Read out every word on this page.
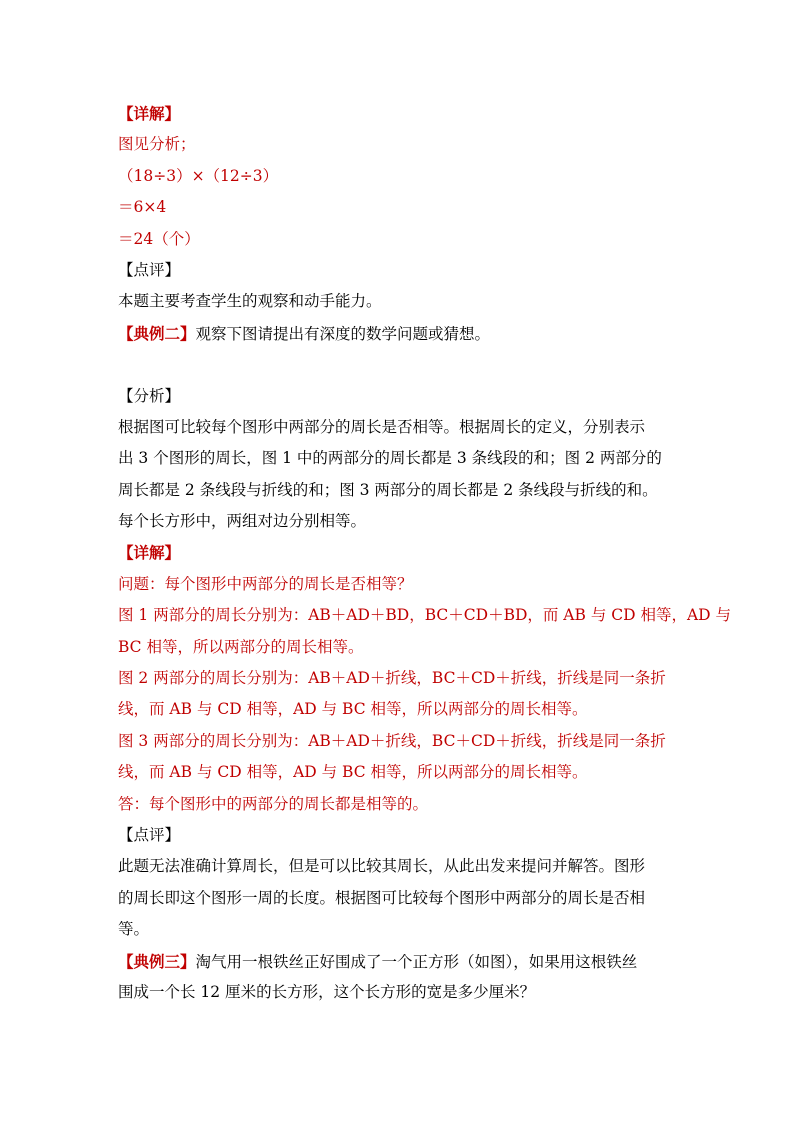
【详解】
图见分析；
（18÷3）×（12÷3）
＝6×4
＝24（个）
【点评】
本题主要考查学生的观察和动手能力。
【典例二】观察下图请提出有深度的数学问题或猜想。
【分析】
根据图可比较每个图形中两部分的周长是否相等。根据周长的定义，分别表示
出 3 个图形的周长，图 1 中的两部分的周长都是 3 条线段的和；图 2 两部分的
周长都是 2 条线段与折线的和；图 3 两部分的周长都是 2 条线段与折线的和。
每个长方形中，两组对边分别相等。
【详解】
问题：每个图形中两部分的周长是否相等？
图 1 两部分的周长分别为：AB＋AD＋BD，BC＋CD＋BD，而 AB 与 CD 相等，AD 与
BC 相等，所以两部分的周长相等。
图 2 两部分的周长分别为：AB＋AD＋折线，BC＋CD＋折线，折线是同一条折
线，而 AB 与 CD 相等，AD 与 BC 相等，所以两部分的周长相等。
图 3 两部分的周长分别为：AB＋AD＋折线，BC＋CD＋折线，折线是同一条折
线，而 AB 与 CD 相等，AD 与 BC 相等，所以两部分的周长相等。
答：每个图形中的两部分的周长都是相等的。
【点评】
此题无法准确计算周长，但是可以比较其周长，从此出发来提问并解答。图形
的周长即这个图形一周的长度。根据图可比较每个图形中两部分的周长是否相
等。
【典例三】淘气用一根铁丝正好围成了一个正方形（如图），如果用这根铁丝
围成一个长 12 厘米的长方形，这个长方形的宽是多少厘米？
